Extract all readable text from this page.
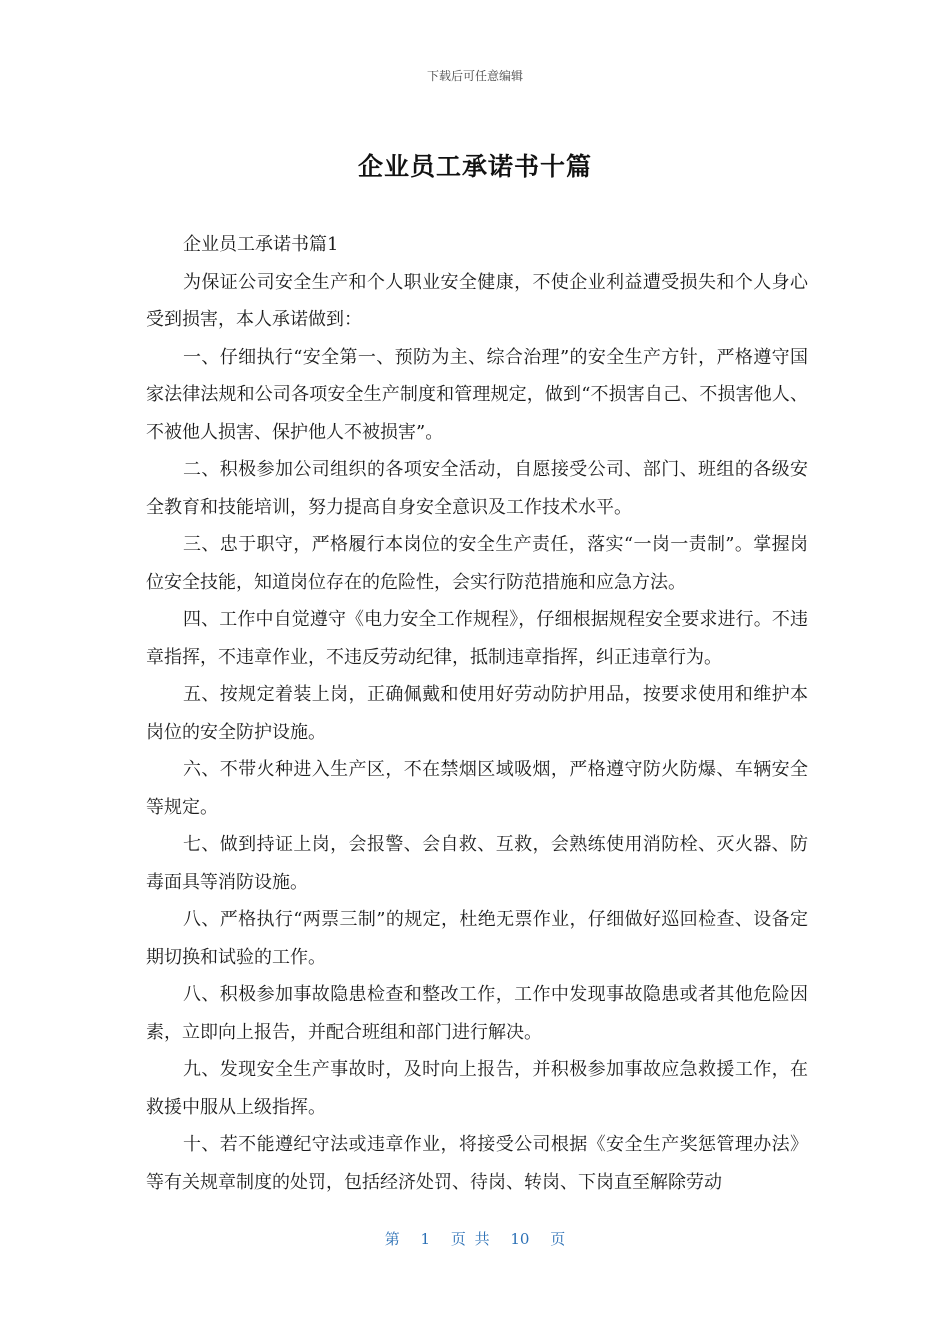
下载后可任意编辑
企业员工承诺书十篇

企业员工承诺书篇1

为保证公司安全生产和个人职业安全健康，不使企业利益遭受损失和个人身心受到损害，本人承诺做到：

一、仔细执行“安全第一、预防为主、综合治理”的安全生产方针，严格遵守国家法律法规和公司各项安全生产制度和管理规定，做到“不损害自己、不损害他人、不被他人损害、保护他人不被损害”。

二、积极参加公司组织的各项安全活动，自愿接受公司、部门、班组的各级安全教育和技能培训，努力提高自身安全意识及工作技术水平。

三、忠于职守，严格履行本岗位的安全生产责任，落实“一岗一责制”。掌握岗位安全技能，知道岗位存在的危险性，会实行防范措施和应急方法。

四、工作中自觉遵守《电力安全工作规程》，仔细根据规程安全要求进行。不违章指挥，不违章作业，不违反劳动纪律，抵制违章指挥，纠正违章行为。

五、按规定着装上岗，正确佩戴和使用好劳动防护用品，按要求使用和维护本岗位的安全防护设施。

六、不带火种进入生产区，不在禁烟区域吸烟，严格遵守防火防爆、车辆安全等规定。

七、做到持证上岗，会报警、会自救、互救，会熟练使用消防栓、灭火器、防毒面具等消防设施。

八、严格执行“两票三制”的规定，杜绝无票作业，仔细做好巡回检查、设备定期切换和试验的工作。

八、积极参加事故隐患检查和整改工作，工作中发现事故隐患或者其他危险因素，立即向上报告，并配合班组和部门进行解决。

九、发现安全生产事故时，及时向上报告，并积极参加事故应急救援工作，在救援中服从上级指挥。

十、若不能遵纪守法或违章作业，将接受公司根据《安全生产奖惩管理办法》等有关规章制度的处罚，包括经济处罚、待岗、转岗、下岗直至解除劳动

第 1 页 共 10 页
